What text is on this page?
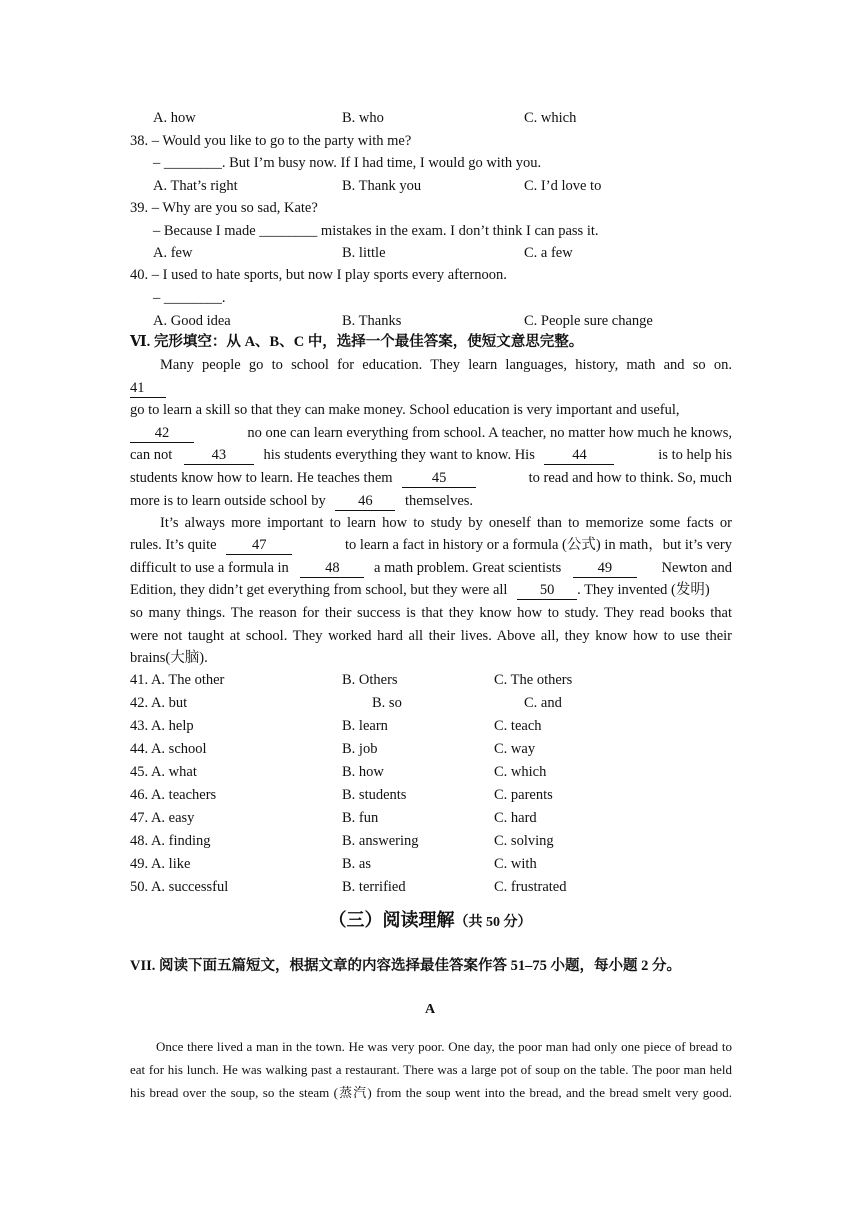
A. how	B. who	C. which
38. – Would you like to go to the party with me?
– ________. But I’m busy now. If I had time, I would go with you.
A. That’s right	B. Thank you	C. I’d love to
39. – Why are you so sad, Kate?
– Because I made ________ mistakes in the exam. I don’t think I can pass it.
A. few	B. little	C. a few
40. – I used to hate sports, but now I play sports every afternoon.
– ________.
A. Good idea	B. Thanks	C. People sure change
Ⅵ. 完形填空：从 A、B、C 中，选择一个最佳答案，使短文意思完整。
Many people go to school for education. They learn languages, history, math and so on.
41
go to learn a skill so that they can make money. School education is very important and useful,
42	no one can learn everything from school. A teacher, no matter how much he knows,
can not	43	his students everything they want to know. His	44	is to help his
students know how to learn. He teaches them	45	to read and how to think. So, much
more is to learn outside school by 46 themselves.
It’s always more important to learn how to study by oneself than to memorize some facts or
rules. It’s quite 47	to learn a fact in history or a formula (公式) in math，but it’s very
difficult to use a formula in	48 a math problem. Great scientists	49	Newton and
Edition, they didn’t get everything from school, but they were all 50 . They invented (发明)
so many things. The reason for their success is that they know how to study. They read books that
were not taught at school. They worked hard all their lives. Above all, they know how to use their
brains(大脑).
41. A. The other	B. Others	C. The others
42. A. but	B. so	C. and
43. A. help	B. learn	C. teach
44. A. school	B. job	C. way
45. A. what	B. how	C. which
46. A. teachers	B. students	C. parents
47. A. easy	B. fun	C. hard
48. A. finding	B. answering	C. solving
49. A. like	B. as	C. with
50. A. successful	B. terrified	C. frustrated
（三）阅读理解（共 50 分）
VII. 阅读下面五篇短文，根据文章的内容选择最佳答案作答 51–75 小题，每小题 2 分。
A
Once there lived a man in the town. He was very poor. One day, the poor man had only one piece of bread to
eat for his lunch. He was walking past a restaurant. There was a large pot of soup on the table. The poor man held
his bread over the soup, so the steam (蒸汽) from the soup went into the bread, and the bread smelt very good.
